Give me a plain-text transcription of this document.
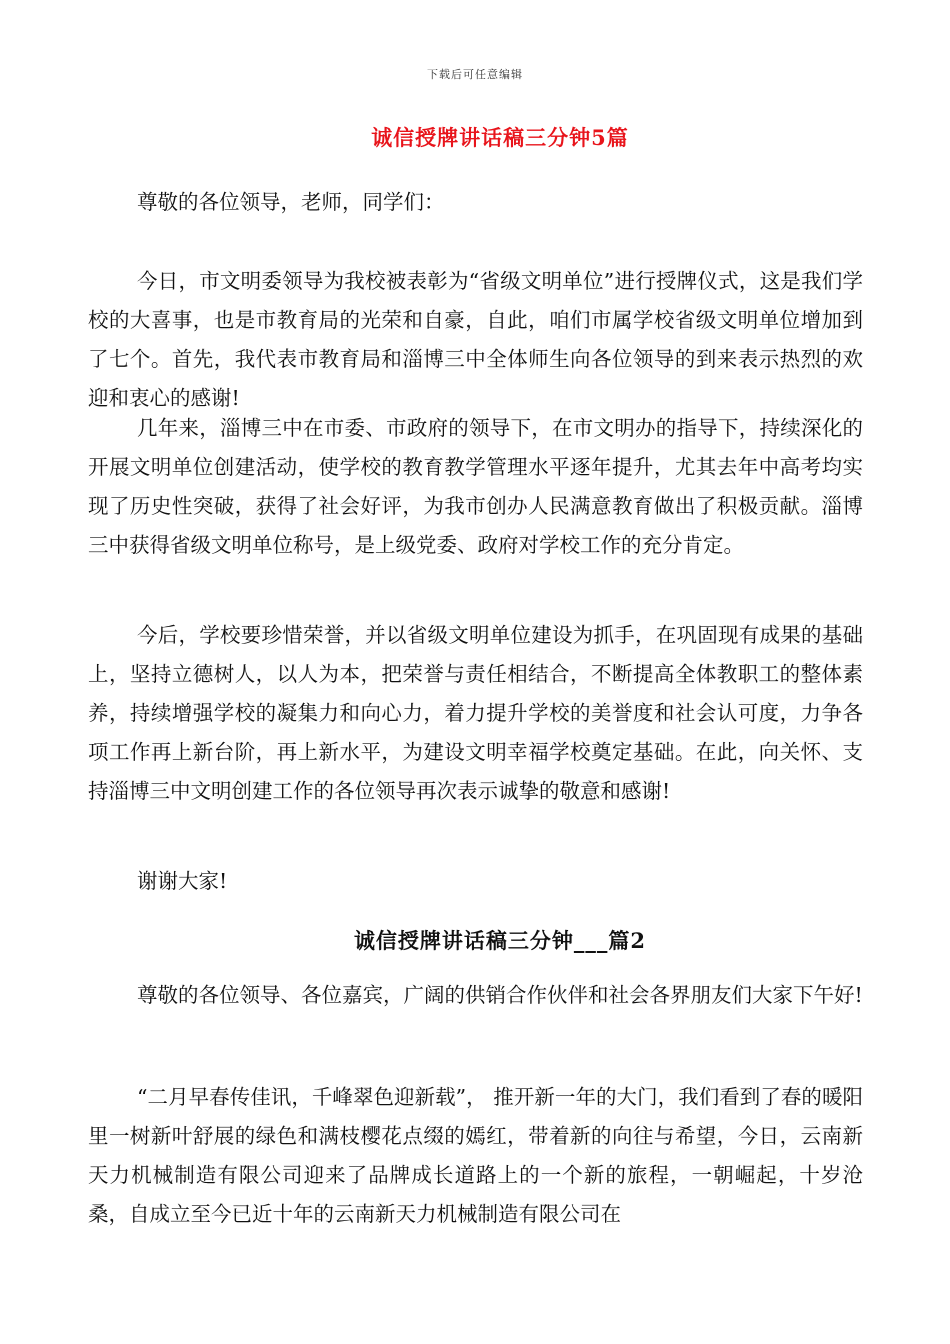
下载后可任意编辑
诚信授牌讲话稿三分钟5篇

尊敬的各位领导，老师，同学们：

今日，市文明委领导为我校被表彰为“省级文明单位”进行授牌仪式，这是我们学校的大喜事，也是市教育局的光荣和自豪，自此，咱们市属学校省级文明单位增加到了七个。首先，我代表市教育局和淄博三中全体师生向各位领导的到来表示热烈的欢迎和衷心的感谢!

几年来，淄博三中在市委、市政府的领导下，在市文明办的指导下，持续深化的开展文明单位创建活动，使学校的教育教学管理水平逐年提升，尤其去年中高考均实现了历史性突破，获得了社会好评，为我市创办人民满意教育做出了积极贡献。淄博三中获得省级文明单位称号，是上级党委、政府对学校工作的充分肯定。

今后，学校要珍惜荣誉，并以省级文明单位建设为抓手，在巩固现有成果的基础上，坚持立德树人，以人为本，把荣誉与责任相结合，不断提高全体教职工的整体素养，持续增强学校的凝集力和向心力，着力提升学校的美誉度和社会认可度，力争各项工作再上新台阶，再上新水平，为建设文明幸福学校奠定基础。在此，向关怀、支持淄博三中文明创建工作的各位领导再次表示诚挚的敬意和感谢!

谢谢大家!

诚信授牌讲话稿三分钟___篇2

尊敬的各位领导、各位嘉宾，广阔的供销合作伙伴和社会各界朋友们大家下午好!

“二月早春传佳讯，千峰翠色迎新载”， 推开新一年的大门，我们看到了春的暖阳里一树新叶舒展的绿色和满枝樱花点缀的嫣红，带着新的向往与希望，今日，云南新天力机械制造有限公司迎来了品牌成长道路上的一个新的旅程，一朝崛起，十岁沧桑，自成立至今已近十年的云南新天力机械制造有限公司在
